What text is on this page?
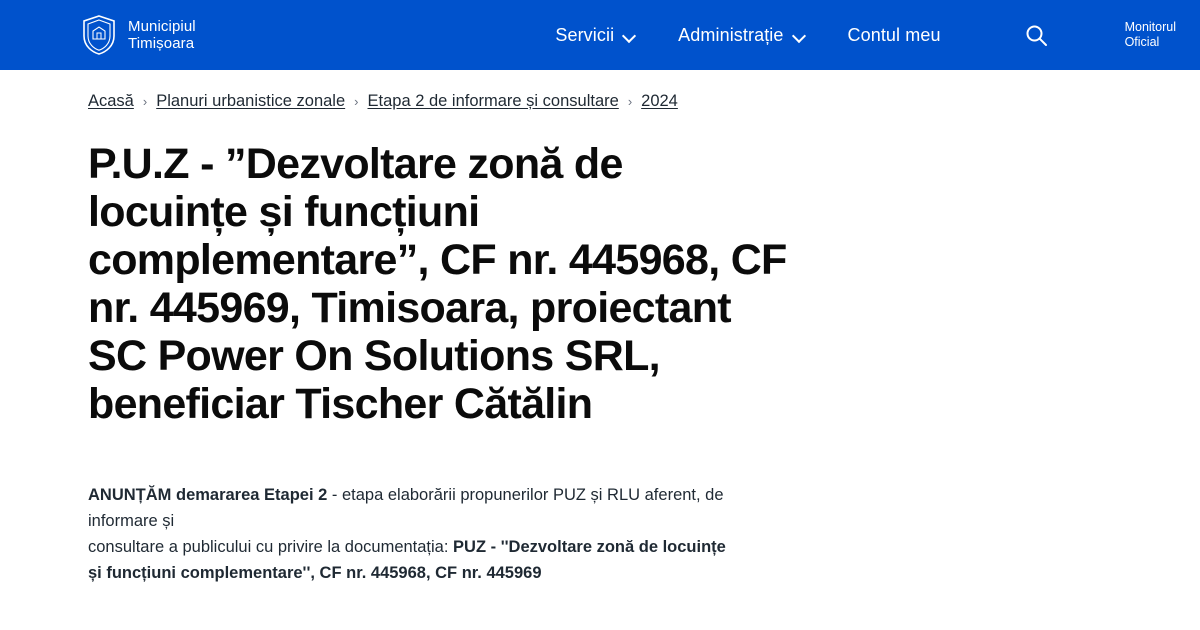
Municipiul
Timișoara	Servicii	Administrație	Contul meu	Monitorul
Oficial
Acasă › Planuri urbanistice zonale › Etapa 2 de informare și consultare › 2024
P.U.Z - ”Dezvoltare zonă de locuințe și funcțiuni complementare”, CF nr. 445968, CF nr. 445969, Timisoara, proiectant SC Power On Solutions SRL, beneficiar Tischer Cătălin

ANUNȚĂM demararea Etapei 2 - etapa elaborării propunerilor PUZ și RLU aferent, de informare și
consultare a publicului cu privire la documentația: PUZ - ''Dezvoltare zonă de locuințe și funcțiuni complementare'', CF nr. 445968, CF nr. 445969
